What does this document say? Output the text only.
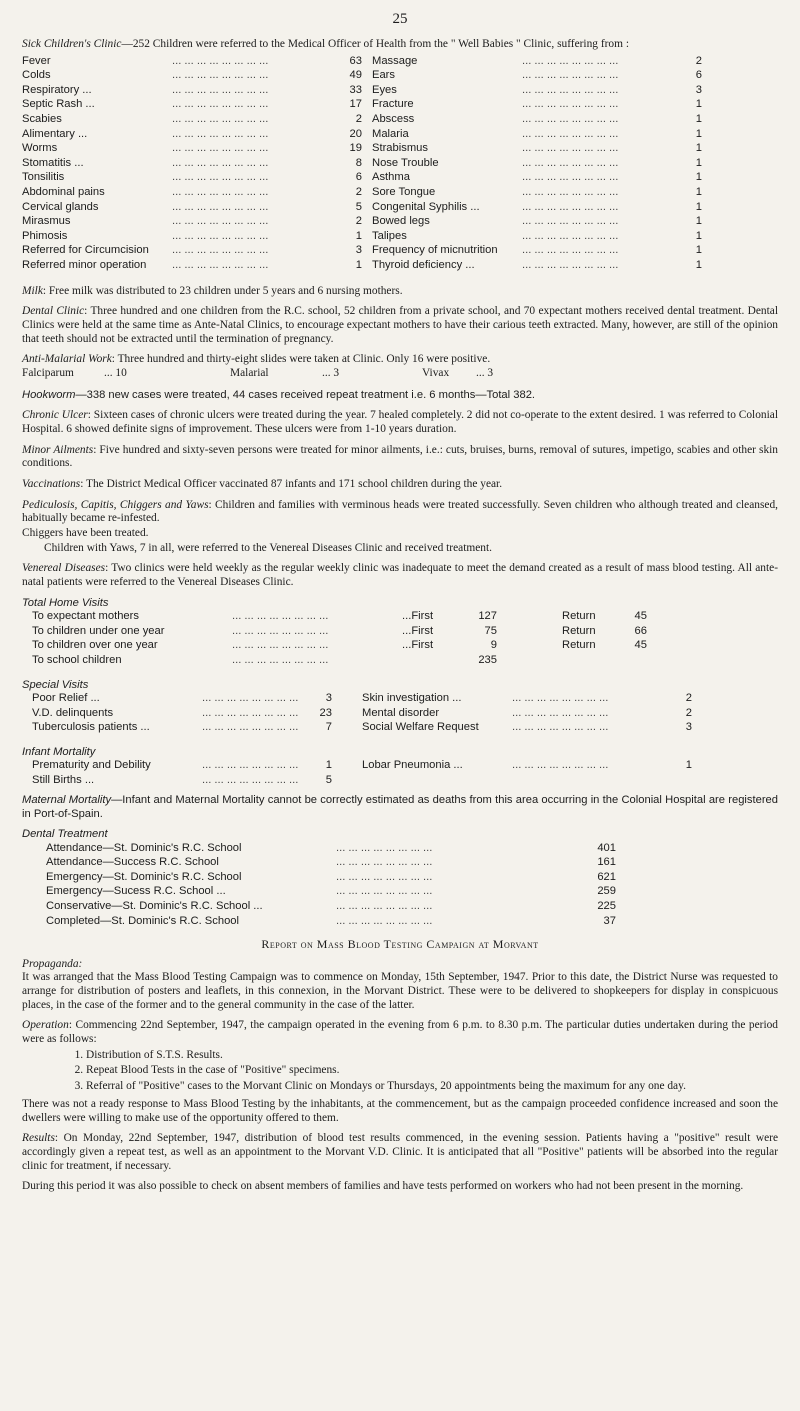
25

Sick Children's Clinic—252 Children were referred to the Medical Officer of Health from the " Well Babies " Clinic, suffering from :

Fever	... ... ... ... ... ... ... ...	63 Massage	... ... ... ... ... ... ... ...	2
Colds	... ... ... ... ... ... ... ...	49 Ears	... ... ... ... ... ... ... ...	6
Respiratory ...	... ... ... ... ... ... ... ...	33 Eyes	... ... ... ... ... ... ... ...	3
Septic Rash ...	... ... ... ... ... ... ... ...	17 Fracture	... ... ... ... ... ... ... ...	1
Scabies	... ... ... ... ... ... ... ...	2 Abscess	... ... ... ... ... ... ... ...	1
Alimentary ...	... ... ... ... ... ... ... ...	20 Malaria	... ... ... ... ... ... ... ...	1
Worms	... ... ... ... ... ... ... ...	19 Strabismus	... ... ... ... ... ... ... ...	1
Stomatitis ...	... ... ... ... ... ... ... ...	8 Nose Trouble	... ... ... ... ... ... ... ...	1
Tonsilitis	... ... ... ... ... ... ... ...	6 Asthma	... ... ... ... ... ... ... ...	1
Abdominal pains	... ... ... ... ... ... ... ...	2 Sore Tongue	... ... ... ... ... ... ... ...	1
Cervical glands	... ... ... ... ... ... ... ...	5 Congenital Syphilis ...	... ... ... ... ... ... ... ...	1
Mirasmus	... ... ... ... ... ... ... ...	2 Bowed legs	... ... ... ... ... ... ... ...	1
Phimosis	... ... ... ... ... ... ... ...	1 Talipes	... ... ... ... ... ... ... ...	1
Referred for Circumcision ... ... ... ... ... ... ... ...	3 Frequency of micnutrition ... ... ... ... ... ... ... ...	1
Referred minor operation ... ... ... ... ... ... ... ...	1 Thyroid deficiency ...	... ... ... ... ... ... ... ...	1

Milk: Free milk was distributed to 23 children under 5 years and 6 nursing mothers.

Dental Clinic: Three hundred and one children from the R.C. school, 52 children from a private school, and 70 expectant mothers received dental treatment. Dental Clinics were held at the same time as Ante-Natal Clinics, to encourage expectant mothers to have their carious teeth extracted. Many, however, are still of the opinion that teeth should not be extracted until the termination of pregnancy.

Anti-Malarial Work: Three hundred and thirty-eight slides were taken at Clinic. Only 16 were positive.

Falciparum	... 10	Malarial	... 3	Vivax ... 3

Hookworm—338 new cases were treated, 44 cases received repeat treatment i.e. 6 months—Total 382.

Chronic Ulcer: Sixteen cases of chronic ulcers were treated during the year. 7 healed completely. 2 did not co-operate to the extent desired. 1 was referred to Colonial Hospital. 6 showed definite signs of improvement. These ulcers were from 1-10 years duration.

Minor Ailments: Five hundred and sixty-seven persons were treated for minor ailments, i.e.: cuts, bruises, burns, removal of sutures, impetigo, scabies and other skin conditions.

Vaccinations: The District Medical Officer vaccinated 87 infants and 171 school children during the year.

Pediculosis, Capitis, Chiggers and Yaws: Children and families with verminous heads were treated successfully. Seven children who although treated and cleansed, habitually became re-infested.

Chiggers have been treated.

Children with Yaws, 7 in all, were referred to the Venereal Diseases Clinic and received treatment.

Venereal Diseases: Two clinics were held weekly as the regular weekly clinic was inadequate to meet the demand created as a result of mass blood testing. All ante-natal patients were referred to the Venereal Diseases Clinic.

Total Home Visits
To expectant mothers	... ... ... ... ... ... ... ...	...First	127	Return	45
To children under one year	... ... ... ... ... ... ... ...	...First	75	Return	66
To children over one year	... ... ... ... ... ... ... ...	...First	9	Return	45
To school children	... ... ... ... ... ... ... ...	235
Special Visits
Poor Relief ...	... ... ... ... ... ... ... ...	3	Skin investigation ...	... ... ... ... ... ... ... ...	2
V.D. delinquents	... ... ... ... ... ... ... ...	23	Mental disorder	... ... ... ... ... ... ... ...	2
Tuberculosis patients ...	... ... ... ... ... ... ... ...	7	Social Welfare Request	... ... ... ... ... ... ... ...	3
Infant Mortality
Prematurity and Debility	... ... ... ... ... ... ... ...	1	Lobar Pneumonia ...	... ... ... ... ... ... ... ...	1
Still Births ...	... ... ... ... ... ... ... ...	5

Maternal Mortality—Infant and Maternal Mortality cannot be correctly estimated as deaths from this area occurring in the Colonial Hospital are registered in Port-of-Spain.

Dental Treatment
Attendance—St. Dominic's R.C. School	... ... ... ... ... ... ... ...	401
Attendance—Success R.C. School	... ... ... ... ... ... ... ...	161
Emergency—St. Dominic's R.C. School	... ... ... ... ... ... ... ...	621
Emergency—Sucess R.C. School ...	... ... ... ... ... ... ... ...	259
Conservative—St. Dominic's R.C. School ...	... ... ... ... ... ... ... ...	225
Completed—St. Dominic's R.C. School	... ... ... ... ... ... ... ...	37
Report on Mass Blood Testing Campaign at Morvant
Propaganda:

It was arranged that the Mass Blood Testing Campaign was to commence on Monday, 15th September, 1947. Prior to this date, the District Nurse was requested to arrange for distribution of posters and leaflets, in this connexion, in the Morvant District. These were to be delivered to shopkeepers for display in conspicuous places, in the case of the former and to the general community in the case of the latter.

Operation: Commencing 22nd September, 1947, the campaign operated in the evening from 6 p.m. to 8.30 p.m. The particular duties undertaken during the period were as follows:

1. Distribution of S.T.S. Results.
2. Repeat Blood Tests in the case of "Positive" specimens.
3. Referral of "Positive" cases to the Morvant Clinic on Mondays or Thursdays, 20 appointments being the maximum for any one day.

There was not a ready response to Mass Blood Testing by the inhabitants, at the commencement, but as the campaign proceeded confidence increased and soon the dwellers were willing to make use of the opportunity offered to them.

Results: On Monday, 22nd September, 1947, distribution of blood test results commenced, in the evening session. Patients having a "positive" result were accordingly given a repeat test, as well as an appointment to the Morvant V.D. Clinic. It is anticipated that all "Positive" patients will be absorbed into the regular clinic for treatment, if necessary.

During this period it was also possible to check on absent members of families and have tests performed on workers who had not been present in the morning.
